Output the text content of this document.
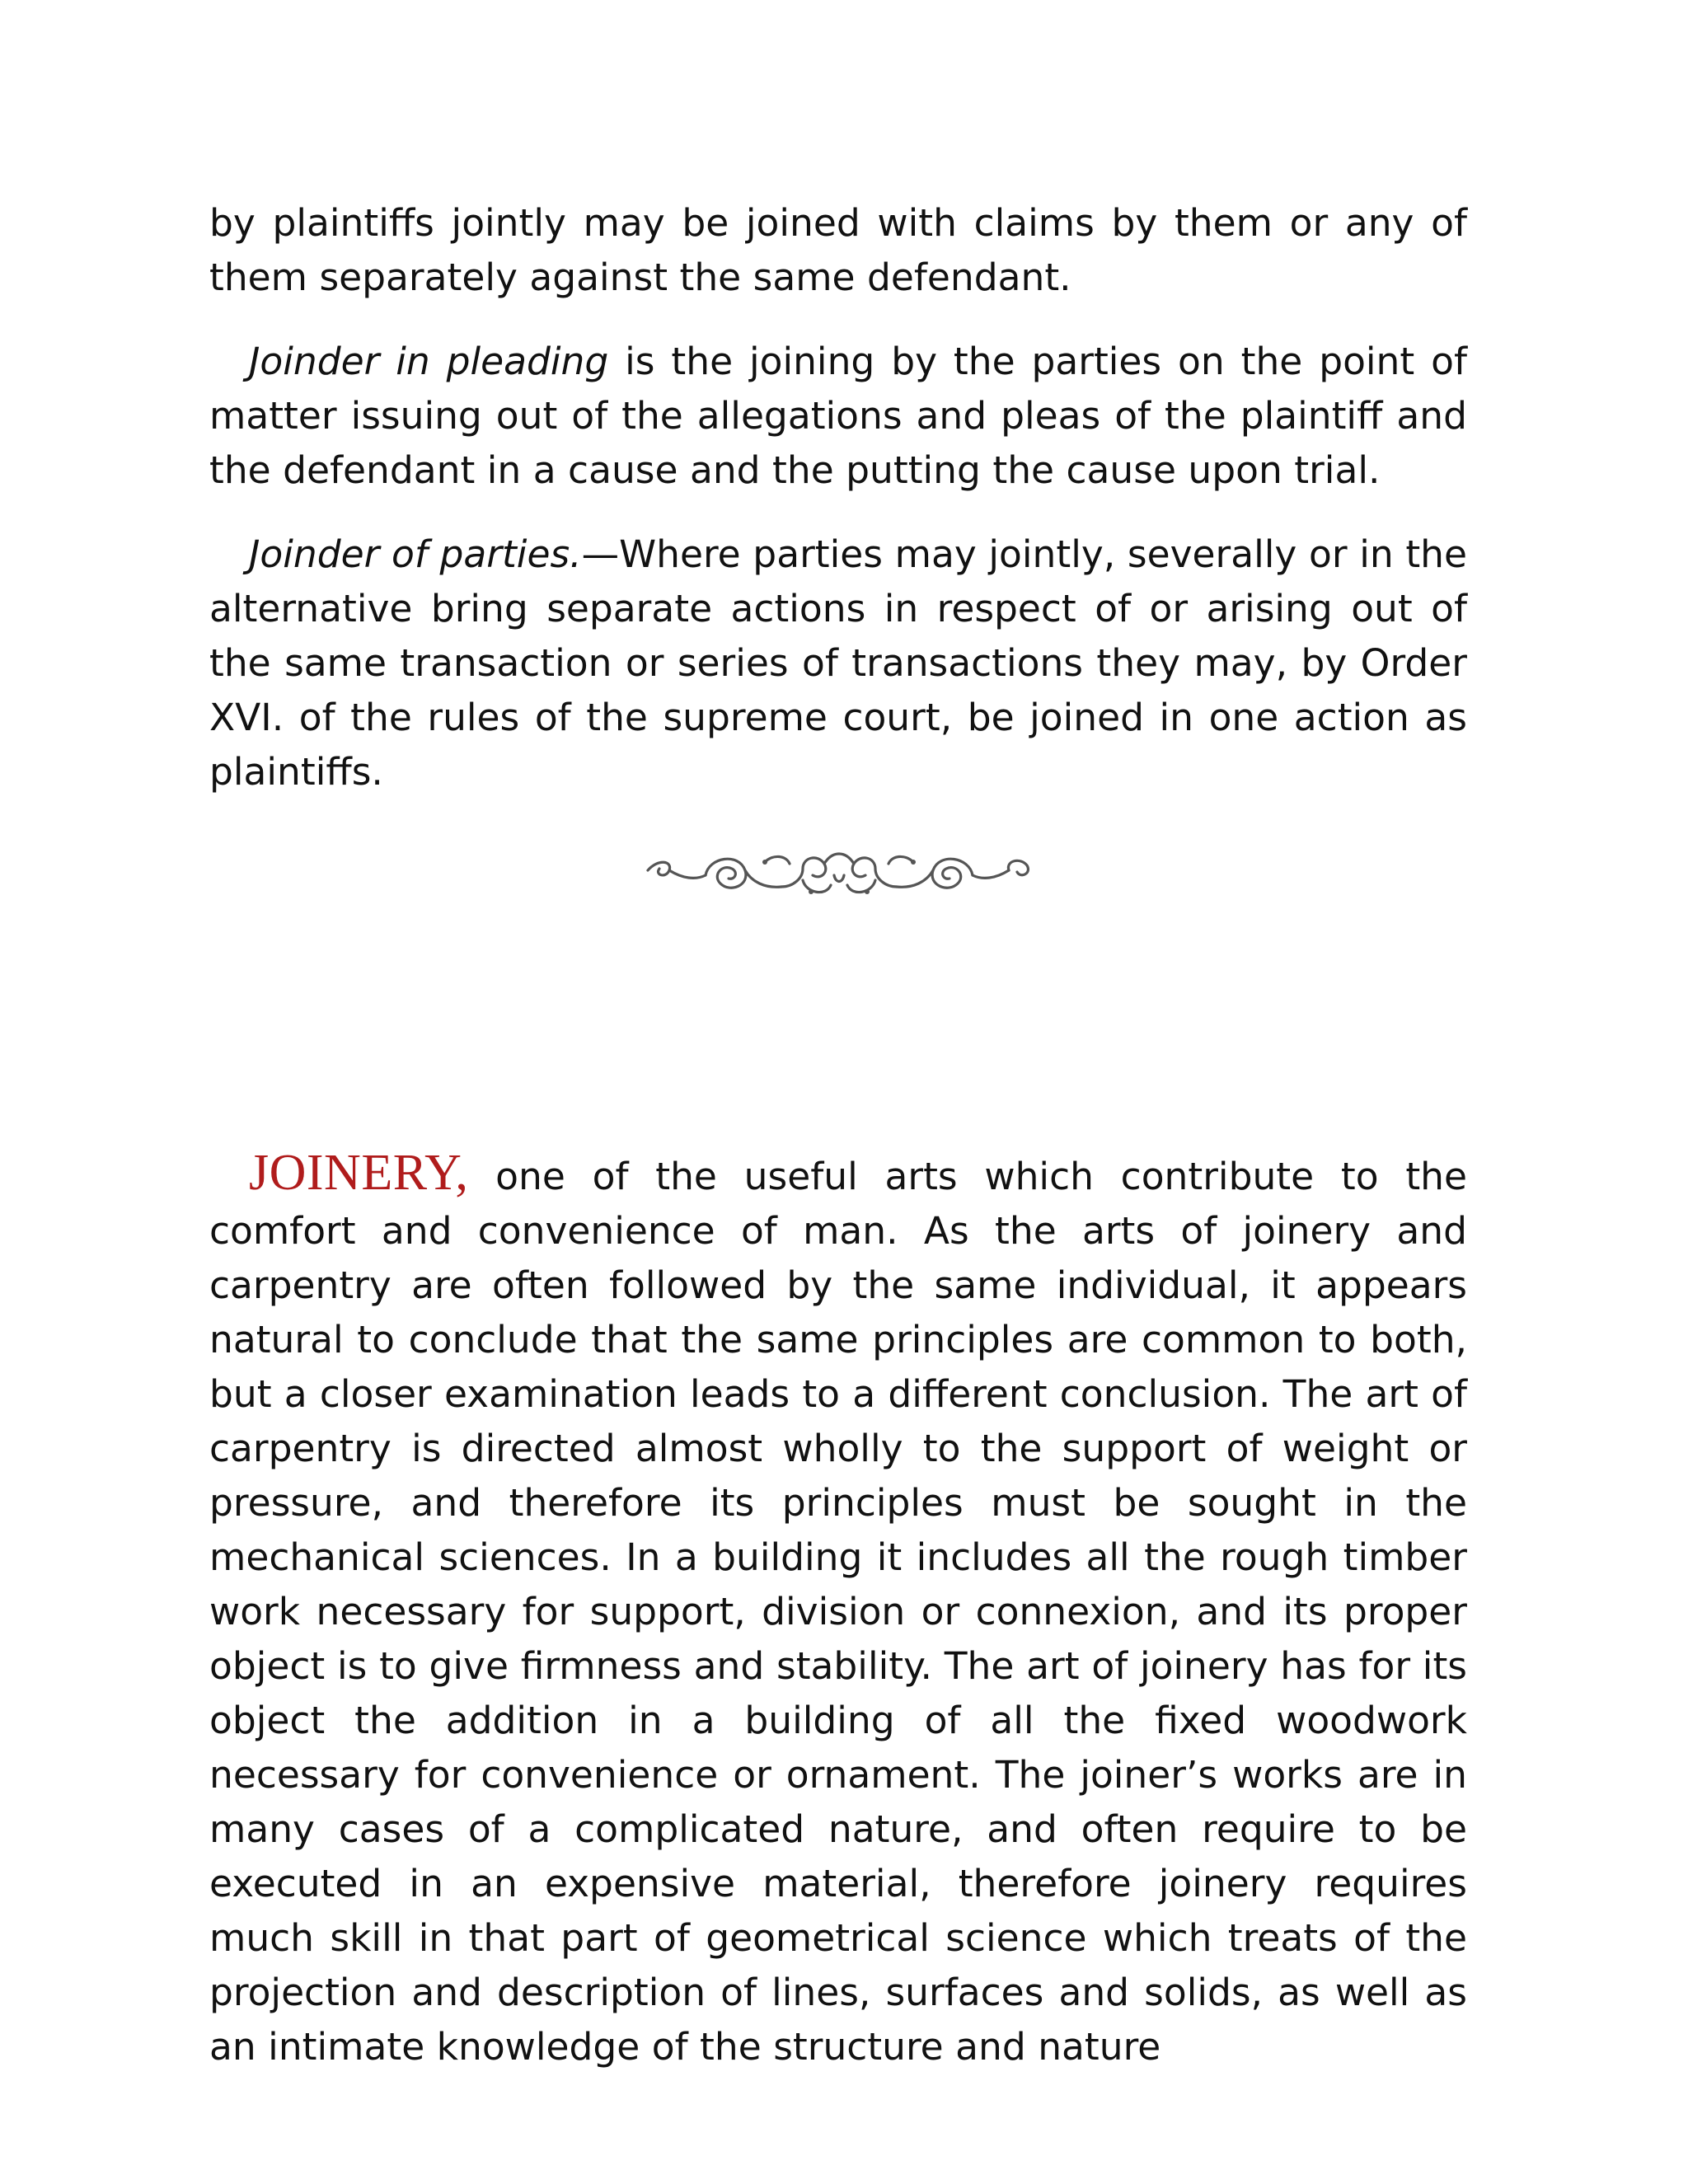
by plaintiffs jointly may be joined with claims by them or any of them separately against the same defendant.

Joinder in pleading is the joining by the parties on the point of matter issuing out of the allegations and pleas of the plaintiff and the defendant in a cause and the putting the cause upon trial.

Joinder of parties.—Where parties may jointly, severally or in the alternative bring separate actions in respect of or arising out of the same transaction or series of transactions they may, by Order XVI. of the rules of the supreme court, be joined in one action as plaintiffs.

JOINERY, one of the useful arts which contribute to the comfort and convenience of man. As the arts of joinery and carpentry are often followed by the same individual, it appears natural to conclude that the same principles are common to both, but a closer examination leads to a different conclusion. The art of carpentry is directed almost wholly to the support of weight or pressure, and therefore its principles must be sought in the mechanical sciences. In a building it includes all the rough timber work necessary for support, division or connexion, and its proper object is to give firmness and stability. The art of joinery has for its object the addition in a building of all the fixed woodwork necessary for convenience or ornament. The joiner’s works are in many cases of a complicated nature, and often require to be executed in an expensive material, therefore joinery requires much skill in that part of geometrical science which treats of the projection and description of lines, surfaces and solids, as well as an intimate knowledge of the structure and nature
